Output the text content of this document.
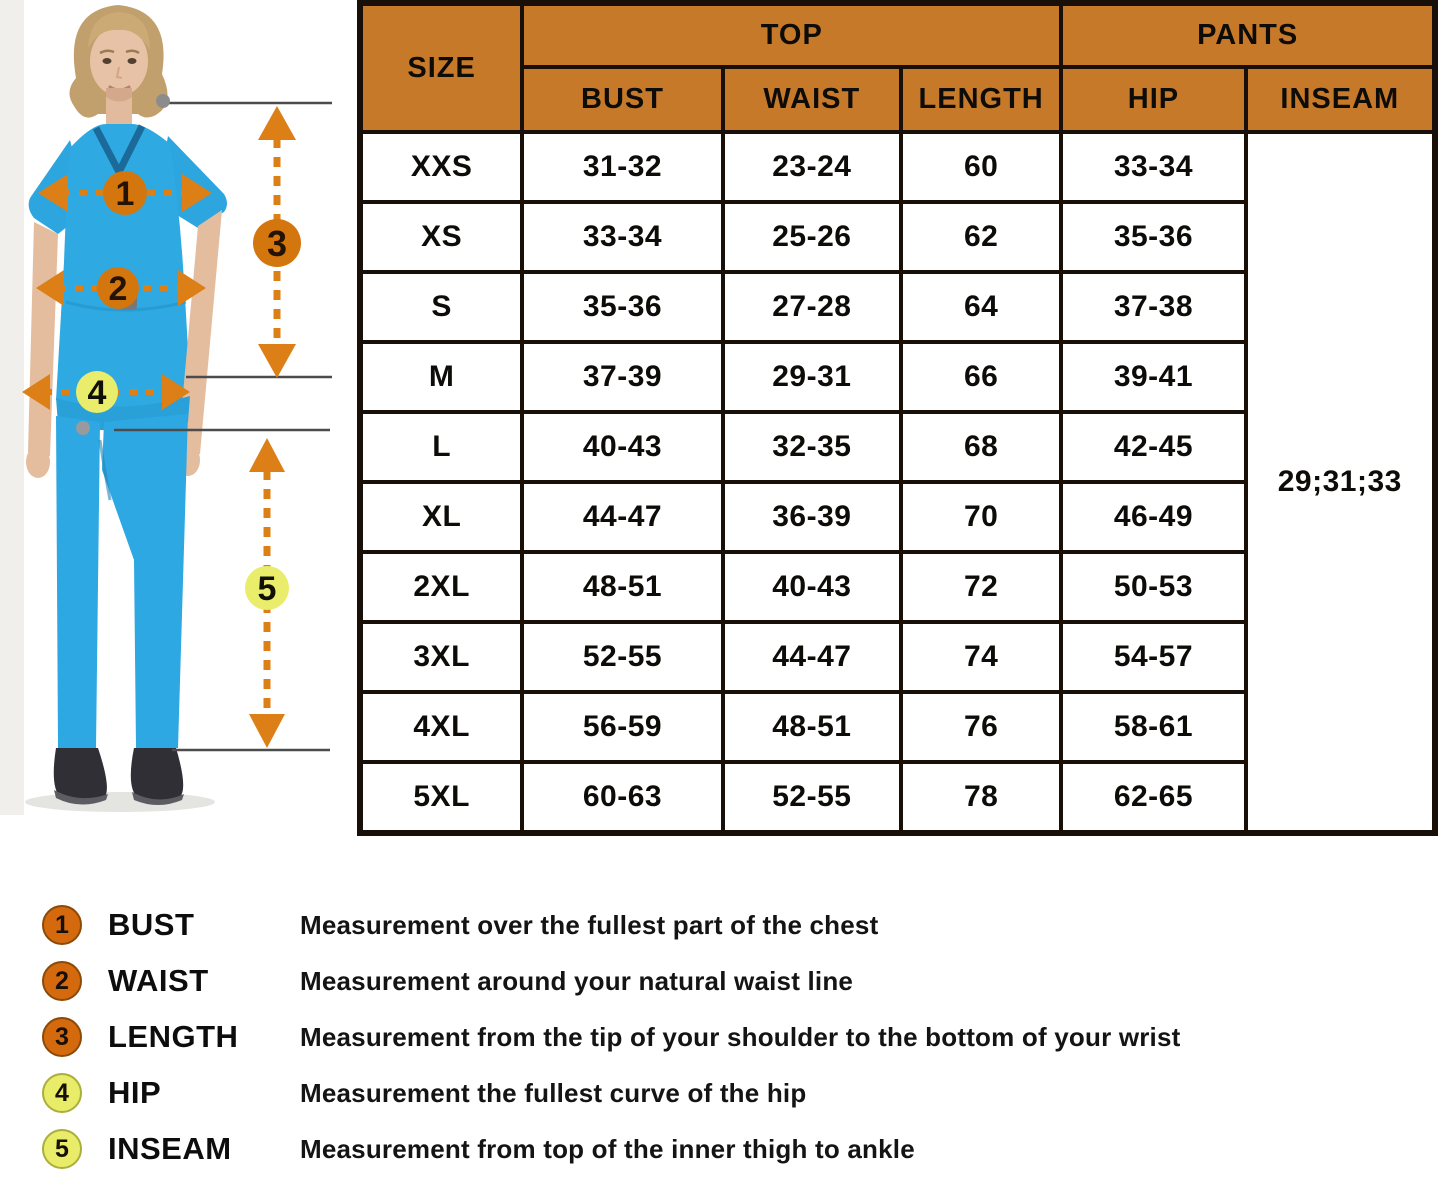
1
2
3
4
5
SIZE	TOP			PANTS	
	BUST	WAIST	LENGTH	HIP	INSEAM
XXS	31-32	23-24	60	33-34	29;31;33
XS	33-34	25-26	62	35-36	
S	35-36	27-28	64	37-38	
M	37-39	29-31	66	39-41	
L	40-43	32-35	68	42-45	
XL	44-47	36-39	70	46-49	
2XL	48-51	40-43	72	50-53	
3XL	52-55	44-47	74	54-57	
4XL	56-59	48-51	76	58-61	
5XL	60-63	52-55	78	62-65	
1	BUST	Measurement over the fullest part of the chest
2	WAIST	Measurement around your natural waist line
3	LENGTH	Measurement from the tip of your shoulder to the bottom of your wrist
4	HIP	Measurement the fullest curve of the hip
5	INSEAM	Measurement from top of the inner thigh to ankle
